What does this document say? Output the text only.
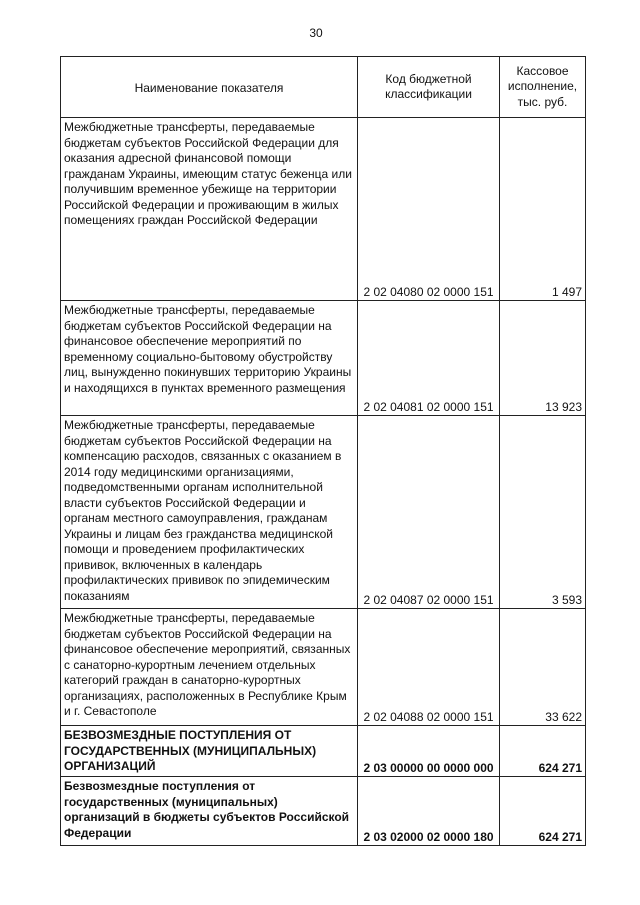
30
Наименование показателя	Код бюджетной классификации	Кассовое исполнение, тыс. руб.
Межбюджетные трансферты, передаваемые бюджетам субъектов Российской Федерации для оказания адресной финансовой помощи гражданам Украины, имеющим статус беженца или получившим временное убежище на территории Российской Федерации и проживающим в жилых помещениях граждан Российской Федерации	2 02 04080 02 0000 151	1 497
Межбюджетные трансферты, передаваемые бюджетам субъектов Российской Федерации на финансовое обеспечение мероприятий по временному социально-бытовому обустройству лиц, вынужденно покинувших территорию Украины и находящихся в пунктах временного размещения	2 02 04081 02 0000 151	13 923
Межбюджетные трансферты, передаваемые бюджетам субъектов Российской Федерации на компенсацию расходов, связанных с оказанием в 2014 году медицинскими организациями, подведомственными органам исполнительной власти субъектов Российской Федерации и органам местного самоуправления, гражданам Украины и лицам без гражданства медицинской помощи и проведением профилактических прививок, включенных в календарь профилактических прививок по эпидемическим показаниям	2 02 04087 02 0000 151	3 593
Межбюджетные трансферты, передаваемые бюджетам субъектов Российской Федерации на финансовое обеспечение мероприятий, связанных с санаторно-курортным лечением отдельных категорий граждан в санаторно-курортных организациях, расположенных в Республике Крым и г. Севастополе	2 02 04088 02 0000 151	33 622
БЕЗВОЗМЕЗДНЫЕ ПОСТУПЛЕНИЯ ОТ ГОСУДАРСТВЕННЫХ (МУНИЦИПАЛЬНЫХ) ОРГАНИЗАЦИЙ	2 03 00000 00 0000 000	624 271
Безвозмездные поступления от государственных (муниципальных) организаций в бюджеты субъектов Российской Федерации	2 03 02000 02 0000 180	624 271
